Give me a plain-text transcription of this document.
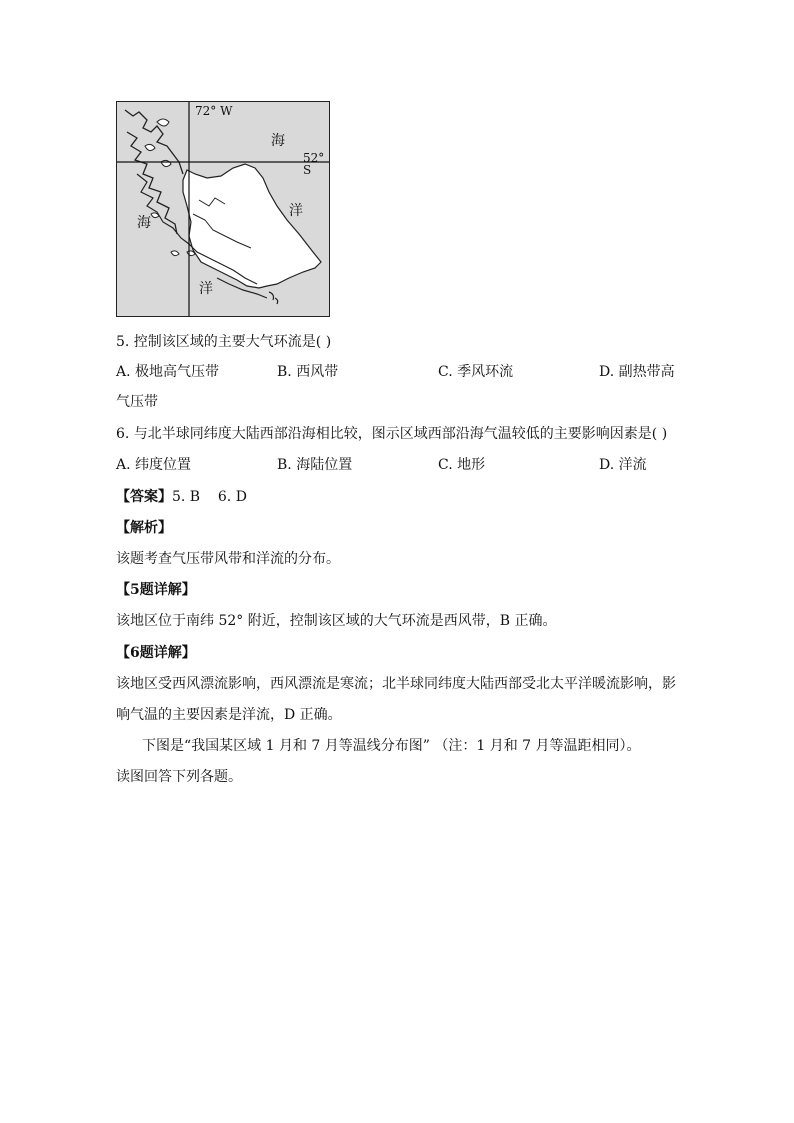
72° W
52° S
海
洋
海
洋
5. 控制该区域的主要大气环流是( )
A. 极地高气压带	B. 西风带	C. 季风环流	D. 副热带高
气压带
6. 与北半球同纬度大陆西部沿海相比较，图示区域西部沿海气温较低的主要影响因素是( )
A. 纬度位置	B. 海陆位置	C. 地形	D. 洋流
【答案】5. B    6. D
【解析】
该题考查气压带风带和洋流的分布。
【5题详解】
该地区位于南纬 52° 附近，控制该区域的大气环流是西风带，B 正确。
【6题详解】
该地区受西风漂流影响，西风漂流是寒流；北半球同纬度大陆西部受北太平洋暖流影响，影
响气温的主要因素是洋流，D 正确。
下图是“我国某区域 1 月和 7 月等温线分布图” （注：1 月和 7 月等温距相同）。
读图回答下列各题。
